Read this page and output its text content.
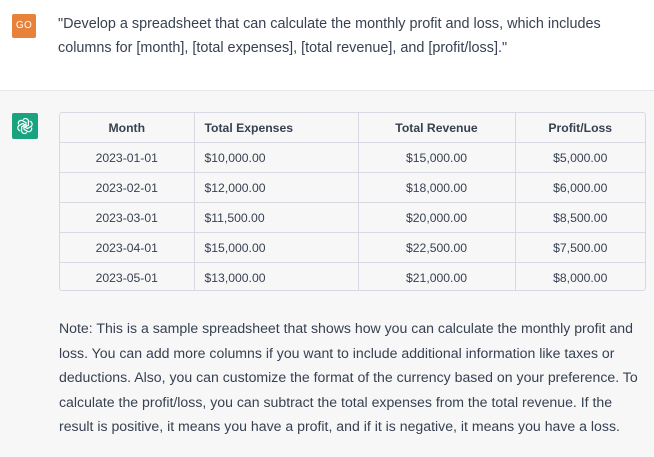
GO "Develop a spreadsheet that can calculate the monthly profit and loss, which includes columns for [month], [total expenses], [total revenue], and [profit/loss]."
Month	Total Expenses	Total Revenue	Profit/Loss
2023-01-01	$10,000.00	$15,000.00	$5,000.00
2023-02-01	$12,000.00	$18,000.00	$6,000.00
2023-03-01	$11,500.00	$20,000.00	$8,500.00
2023-04-01	$15,000.00	$22,500.00	$7,500.00
2023-05-01	$13,000.00	$21,000.00	$8,000.00
Note: This is a sample spreadsheet that shows how you can calculate the monthly profit and loss. You can add more columns if you want to include additional information like taxes or deductions. Also, you can customize the format of the currency based on your preference. To calculate the profit/loss, you can subtract the total expenses from the total revenue. If the result is positive, it means you have a profit, and if it is negative, it means you have a loss.
